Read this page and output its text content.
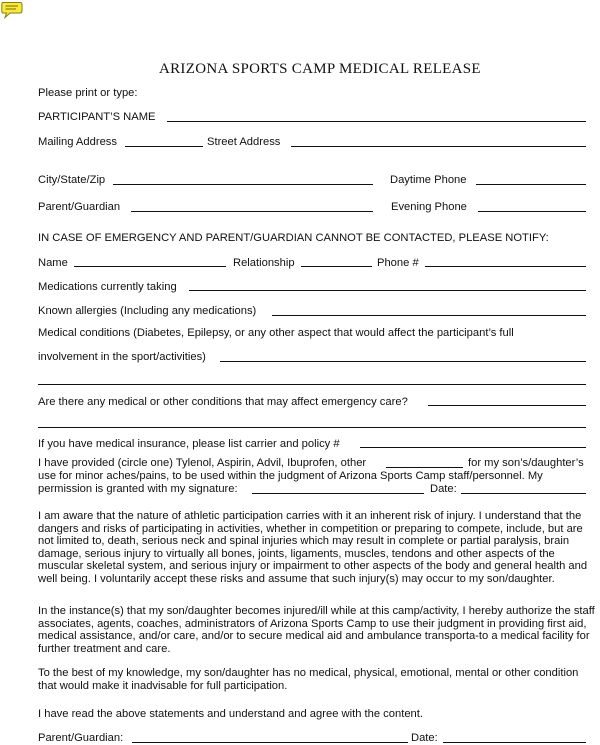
ARIZONA SPORTS CAMP MEDICAL RELEASE
Please print or type:
PARTICIPANT’S NAME
Mailing Address	Street Address
City/State/Zip	Daytime Phone
Parent/Guardian	Evening Phone
IN CASE OF EMERGENCY AND PARENT/GUARDIAN CANNOT BE CONTACTED, PLEASE NOTIFY:
Name	Relationship	Phone #
Medications currently taking
Known allergies (Including any medications)
Medical conditions (Diabetes, Epilepsy, or any other aspect that would affect the participant’s full
involvement in the sport/activities)
Are there any medical or other conditions that may affect emergency care?
If you have medical insurance, please list carrier and policy #
I have provided (circle one) Tylenol, Aspirin, Advil, Ibuprofen, other	for my son’s/daughter’s
use for minor aches/pains, to be used within the judgment of Arizona Sports Camp staff/personnel. My
permission is granted with my signature:	Date:

I am aware that the nature of athletic participation carries with it an inherent risk of injury. I understand that the dangers and risks of participating in activities, whether in competition or preparing to compete, include, but are not limited to, death, serious neck and spinal injuries which may result in complete or partial paralysis, brain damage, serious injury to virtually all bones, joints, ligaments, muscles, tendons and other aspects of the muscular skeletal system, and serious injury or impairment to other aspects of the body and general health and well being. I voluntarily accept these risks and assume that such injury(s) may occur to my son/daughter.

In the instance(s) that my son/daughter becomes injured/ill while at this camp/activity, I hereby authorize the staff associates, agents, coaches, administrators of Arizona Sports Camp to use their judgment in providing first aid, medical assistance, and/or care, and/or to secure medical aid and ambulance transporta-to a medical facility for further treatment and care.

To the best of my knowledge, my son/daughter has no medical, physical, emotional, mental or other condition that would make it inadvisable for full participation.

I have read the above statements and understand and agree with the content.
Parent/Guardian:	Date:
